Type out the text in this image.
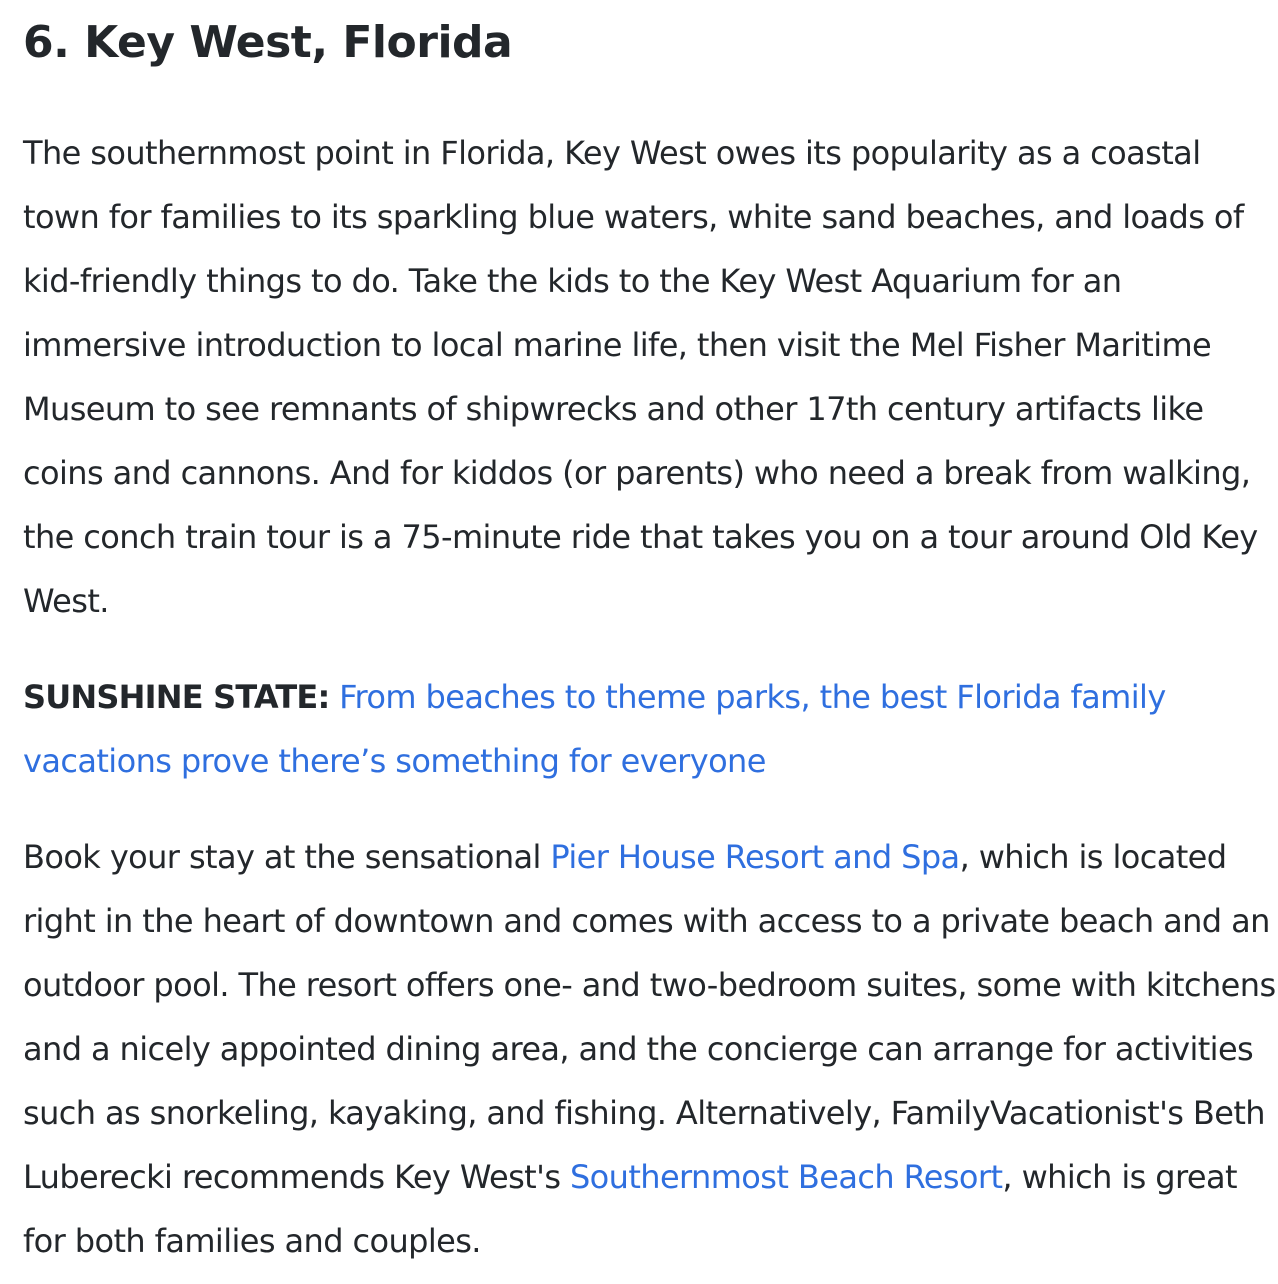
6. Key West, Florida

The southernmost point in Florida, Key West owes its popularity as a coastal town for families to its sparkling blue waters, white sand beaches, and loads of kid-friendly things to do. Take the kids to the Key West Aquarium for an immersive introduction to local marine life, then visit the Mel Fisher Maritime Museum to see remnants of shipwrecks and other 17th century artifacts like coins and cannons. And for kiddos (or parents) who need a break from walking, the conch train tour is a 75-minute ride that takes you on a tour around Old Key West.

SUNSHINE STATE: From beaches to theme parks, the best Florida family vacations prove there’s something for everyone

Book your stay at the sensational Pier House Resort and Spa, which is located right in the heart of downtown and comes with access to a private beach and an outdoor pool. The resort offers one- and two-bedroom suites, some with kitchens and a nicely appointed dining area, and the concierge can arrange for activities such as snorkeling, kayaking, and fishing. Alternatively, FamilyVacationist's Beth Luberecki recommends Key West's Southernmost Beach Resort, which is great for both families and couples.
